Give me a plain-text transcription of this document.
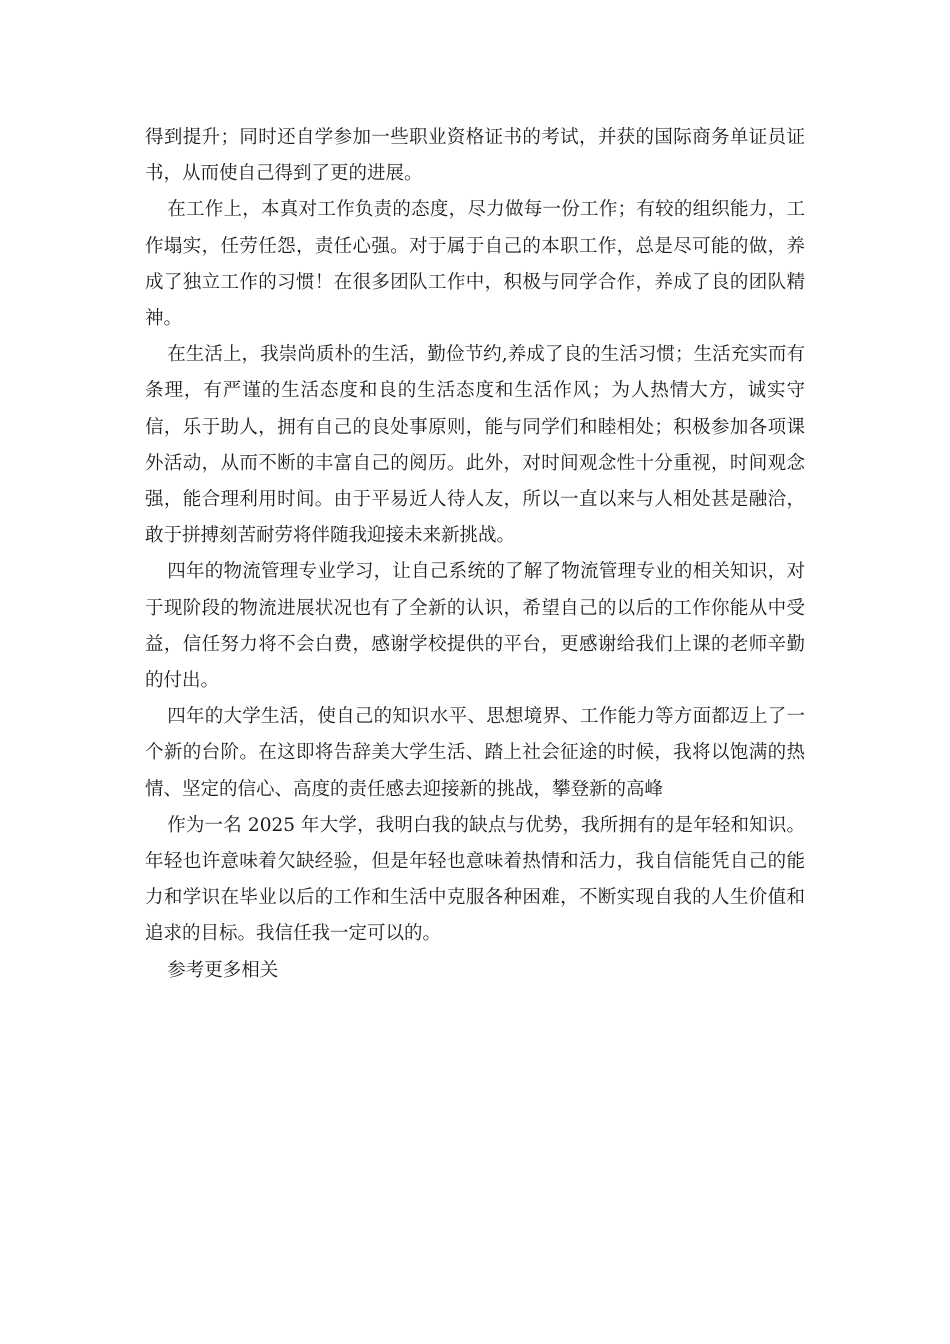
得到提升；同时还自学参加一些职业资格证书的考试，并获的国际商务单证员证书，从而使自己得到了更的进展。

在工作上，本真对工作负责的态度，尽力做每一份工作；有较的组织能力，工作塌实，任劳任怨，责任心强。对于属于自己的本职工作，总是尽可能的做，养成了独立工作的习惯！在很多团队工作中，积极与同学合作，养成了良的团队精神。

在生活上，我崇尚质朴的生活，勤俭节约,养成了良的生活习惯；生活充实而有条理，有严谨的生活态度和良的生活态度和生活作风；为人热情大方，诚实守信，乐于助人，拥有自己的良处事原则，能与同学们和睦相处；积极参加各项课外活动，从而不断的丰富自己的阅历。此外，对时间观念性十分重视，时间观念强，能合理利用时间。由于平易近人待人友，所以一直以来与人相处甚是融洽，敢于拼搏刻苦耐劳将伴随我迎接未来新挑战。

四年的物流管理专业学习，让自己系统的了解了物流管理专业的相关知识，对于现阶段的物流进展状况也有了全新的认识，希望自己的以后的工作你能从中受益，信任努力将不会白费，感谢学校提供的平台，更感谢给我们上课的老师辛勤的付出。

四年的大学生活，使自己的知识水平、思想境界、工作能力等方面都迈上了一个新的台阶。在这即将告辞美大学生活、踏上社会征途的时候，我将以饱满的热情、坚定的信心、高度的责任感去迎接新的挑战，攀登新的高峰

作为一名 2025 年大学，我明白我的缺点与优势，我所拥有的是年轻和知识。年轻也许意味着欠缺经验，但是年轻也意味着热情和活力，我自信能凭自己的能力和学识在毕业以后的工作和生活中克服各种困难，不断实现自我的人生价值和追求的目标。我信任我一定可以的。

参考更多相关
